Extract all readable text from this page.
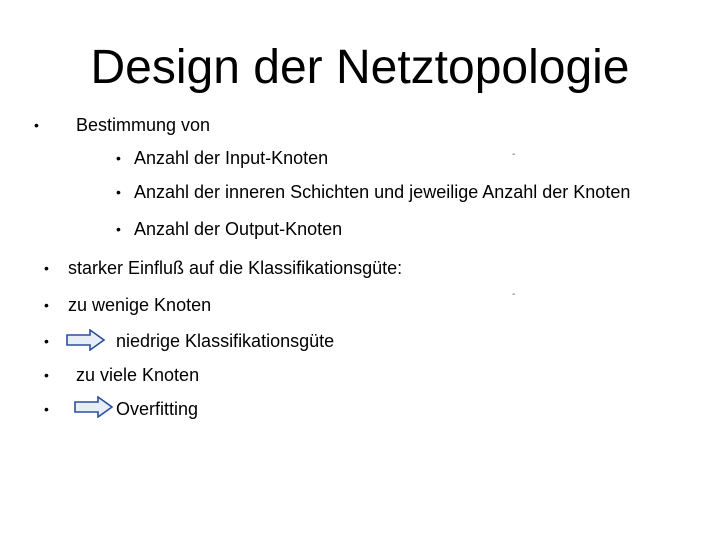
Design der Netztopologie
• Bestimmung von
• Anzahl der Input-Knoten	-
• Anzahl der inneren Schichten und jeweilige Anzahl der Knoten
• Anzahl der Output-Knoten
• starker Einfluß auf die Klassifikationsgüte:
• zu wenige Knoten
-
•	niedrige Klassifikationsgüte
• zu viele Knoten
•	Overfitting
